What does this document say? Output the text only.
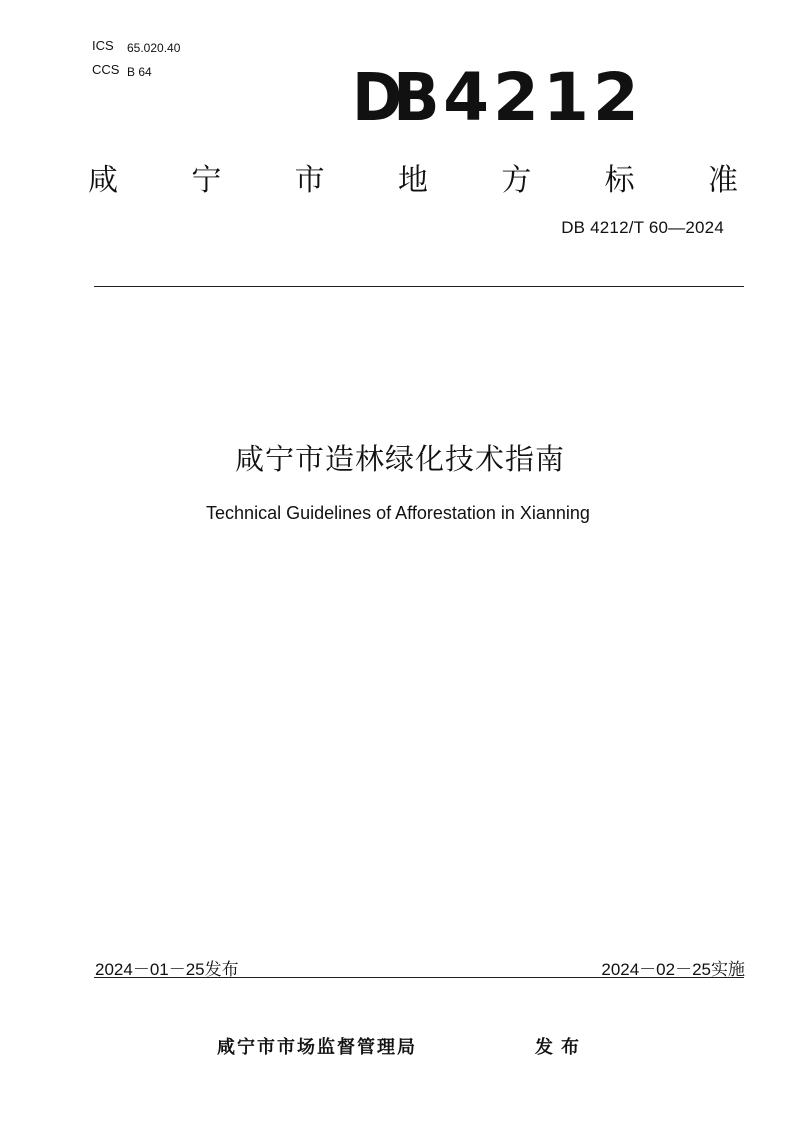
ICS 65.020.40
CCS B 64	DB 4212
咸 宁 市 地 方 标 准
DB 4212/T 60—2024
咸宁市造林绿化技术指南
Technical Guidelines of Afforestation in Xianning
2024－01－25发布	2024－02－25实施
咸宁市市场监督管理局	发布
